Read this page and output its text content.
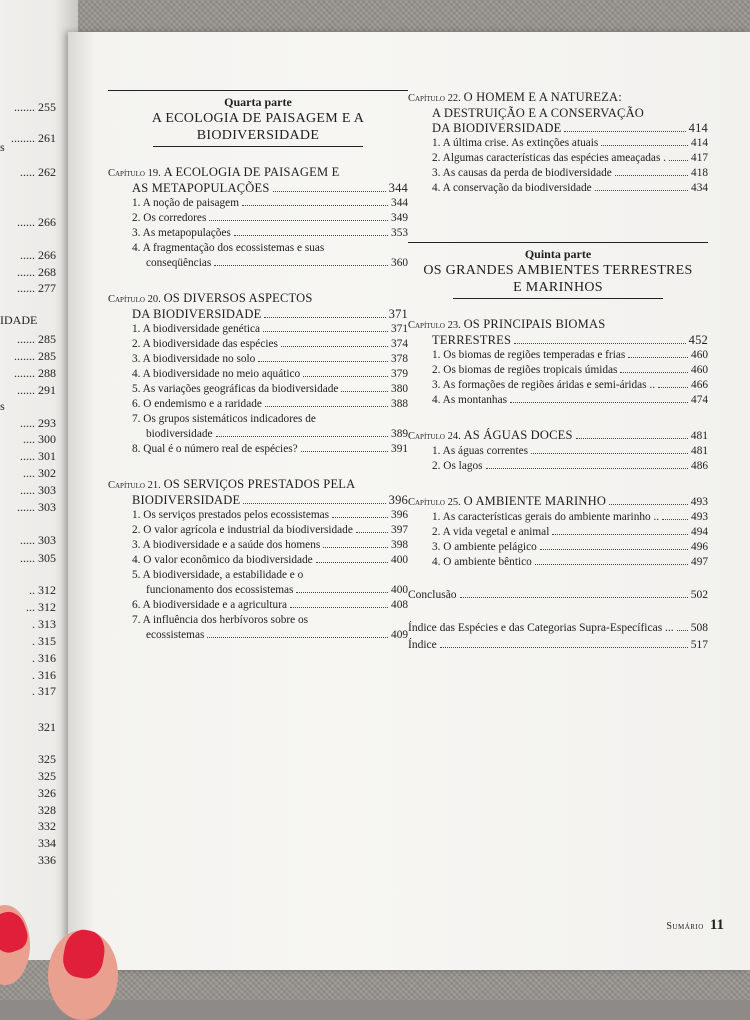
....... 255
........ 261
s
..... 262
...... 266
..... 266
...... 268
...... 277
IDADE
...... 285
....... 285
....... 288
...... 291
s
..... 293
.... 300
..... 301
.... 302
..... 303
...... 303
..... 303
..... 305
.. 312
... 312
. 313
. 315
. 316
. 316
. 317
321
325
325
326
328
332
334
336
Quarta parte
A ECOLOGIA DE PAISAGEM E A
BIODIVERSIDADE
Capítulo 19. A ECOLOGIA DE PAISAGEM E
AS METAPOPULAÇÕES	344
1. A noção de paisagem	344
2. Os corredores	349
3. As metapopulações	353
4. A fragmentação dos ecossistemas e suas
conseqüências	360
Capítulo 20. OS DIVERSOS ASPECTOS
DA BIODIVERSIDADE	371
1. A biodiversidade genética	371
2. A biodiversidade das espécies	374
3. A biodiversidade no solo	378
4. A biodiversidade no meio aquático	379
5. As variações geográficas da biodiversidade	380
6. O endemismo e a raridade	388
7. Os grupos sistemáticos indicadores de
biodiversidade	389
8. Qual é o número real de espécies?	391
Capítulo 21. OS SERVIÇOS PRESTADOS PELA
BIODIVERSIDADE	396
1. Os serviços prestados pelos ecossistemas	396
2. O valor agrícola e industrial da biodiversidade	397
3. A biodiversidade e a saúde dos homens	398
4. O valor econômico da biodiversidade	400
5. A biodiversidade, a estabilidade e o
funcionamento dos ecossistemas	400
6. A biodiversidade e a agricultura	408
7. A influência dos herbívoros sobre os
ecossistemas	409
Capítulo 22. O HOMEM E A NATUREZA:
A DESTRUIÇÃO E A CONSERVAÇÃO
DA BIODIVERSIDADE	414
1. A última crise. As extinções atuais	414
2. Algumas características das espécies ameaçadas . 417
3. As causas da perda de biodiversidade	418
4. A conservação da biodiversidade	434
Quinta parte
OS GRANDES AMBIENTES TERRESTRES
E MARINHOS
Capítulo 23. OS PRINCIPAIS BIOMAS
TERRESTRES	452
1. Os biomas de regiões temperadas e frias	460
2. Os biomas de regiões tropicais úmidas	460
3. As formações de regiões áridas e semi-áridas ..	466
4. As montanhas	474
Capítulo 24. AS ÁGUAS DOCES	481
1. As águas correntes	481
2. Os lagos	486
Capítulo 25. O AMBIENTE MARINHO	493
1. As características gerais do ambiente marinho ..	493
2. A vida vegetal e animal	494
3. O ambiente pelágico	496
4. O ambiente bêntico	497
Conclusão	502
Índice das Espécies e das Categorias Supra-Específicas ... 508
Índice	517
Sumário 11
